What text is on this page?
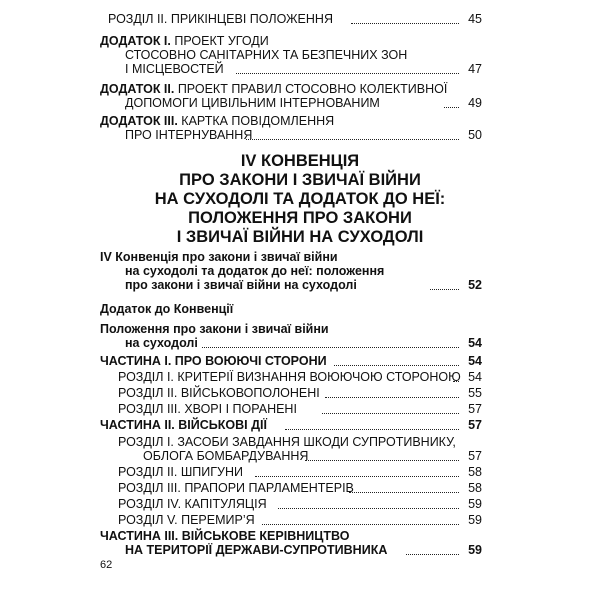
РОЗДІЛ II. ПРИКІНЦЕВІ ПОЛОЖЕННЯ	45
ДОДАТОК I. ПРОЕКТ УГОДИ
СТОСОВНО САНІТАРНИХ ТА БЕЗПЕЧНИХ ЗОН
І МІСЦЕВОСТЕЙ	47
ДОДАТОК II. ПРОЕКТ ПРАВИЛ СТОСОВНО КОЛЕКТИВНОЇ
ДОПОМОГИ ЦИВІЛЬНИМ ІНТЕРНОВАНИМ	49
ДОДАТОК III. КАРТКА ПОВІДОМЛЕННЯ
ПРО ІНТЕРНУВАННЯ	50
IV КОНВЕНЦІЯ
ПРО ЗАКОНИ І ЗВИЧАЇ ВІЙНИ
НА СУХОДОЛІ ТА ДОДАТОК ДО НЕЇ:
ПОЛОЖЕННЯ ПРО ЗАКОНИ
І ЗВИЧАЇ ВІЙНИ НА СУХОДОЛІ
IV Конвенція про закони і звичаї війни
на суходолі та додаток до неї: положення
про закони і звичаї війни на суходолі	52
Додаток до Конвенції
Положення про закони і звичаї війни
на суходолі	54
ЧАСТИНА I. ПРО ВОЮЮЧІ СТОРОНИ	54
РОЗДІЛ I. КРИТЕРІЇ ВИЗНАННЯ ВОЮЮЧОЮ СТОРОНОЮ 54
РОЗДІЛ II. ВІЙСЬКОВОПОЛОНЕНІ	55
РОЗДІЛ III. ХВОРІ І ПОРАНЕНІ	57
ЧАСТИНА II. ВІЙСЬКОВІ ДІЇ	57
РОЗДІЛ I. ЗАСОБИ ЗАВДАННЯ ШКОДИ СУПРОТИВНИКУ,
ОБЛОГА БОМБАРДУВАННЯ	57
РОЗДІЛ II. ШПИГУНИ	58
РОЗДІЛ III. ПРАПОРИ ПАРЛАМЕНТЕРІВ	58
РОЗДІЛ IV. КАПІТУЛЯЦІЯ	59
РОЗДІЛ V. ПЕРЕМИР’Я	59
ЧАСТИНА III. ВІЙСЬКОВЕ КЕРІВНИЦТВО
НА ТЕРИТОРІЇ ДЕРЖАВИ-СУПРОТИВНИКА	59
62
